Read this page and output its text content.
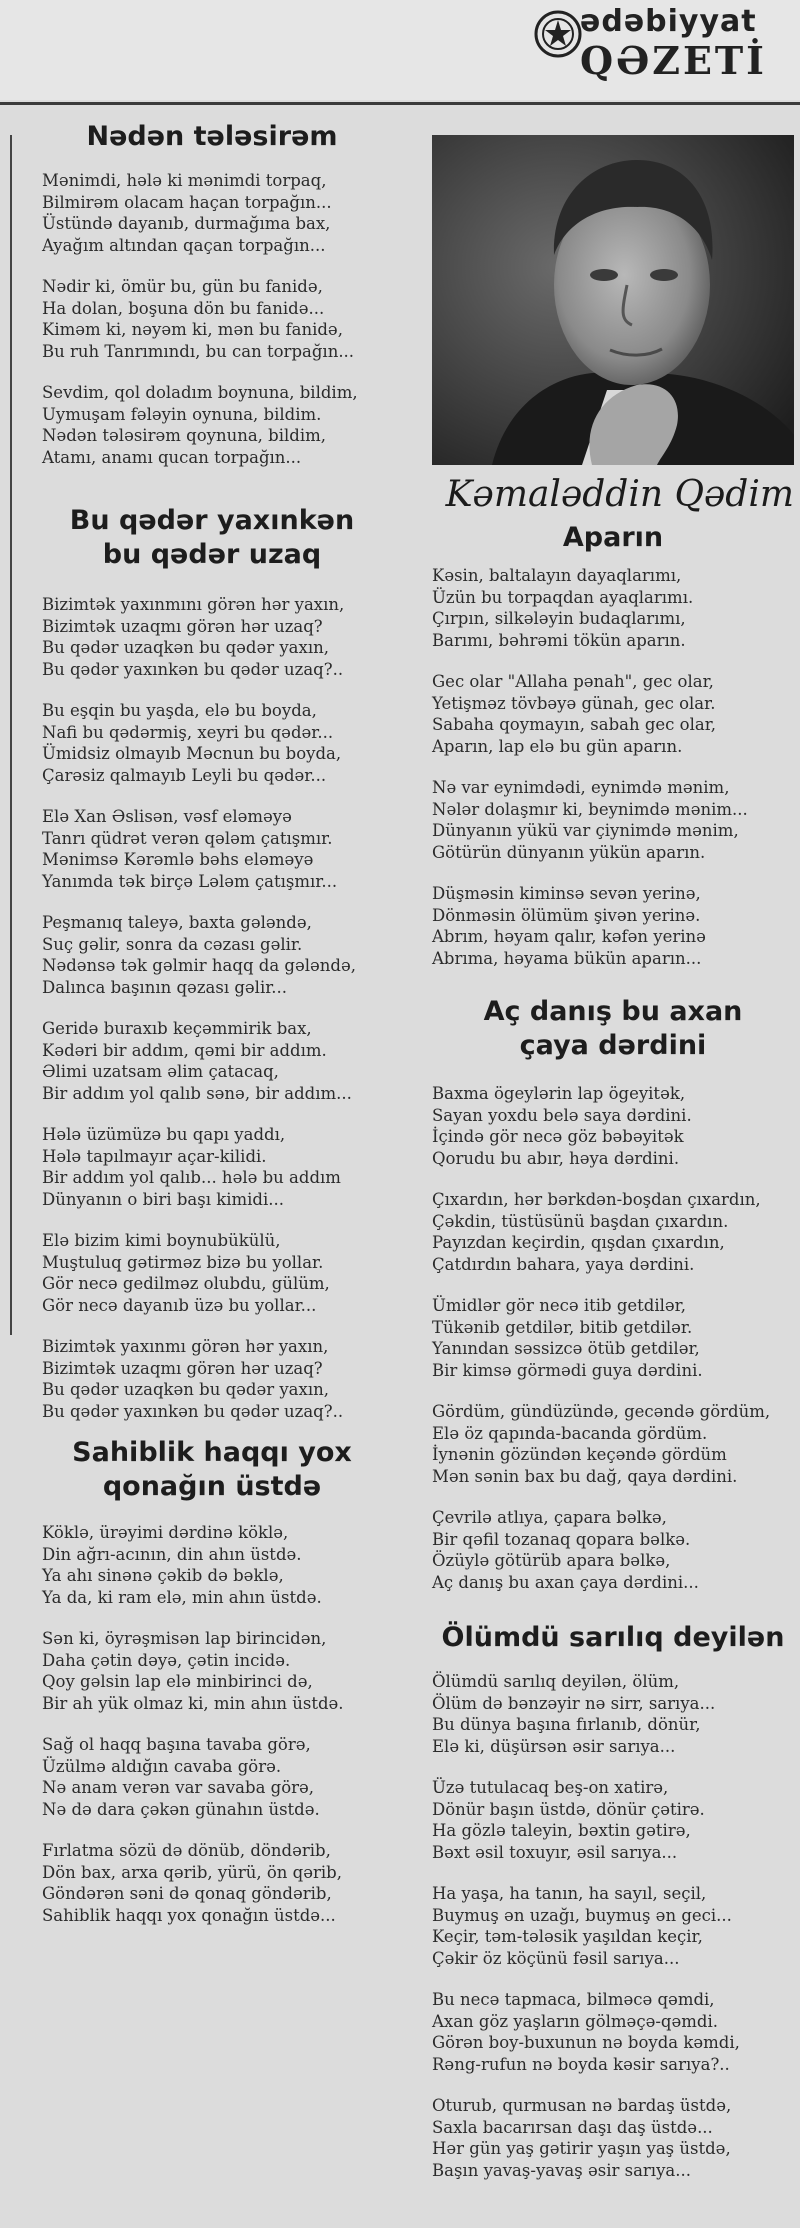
ədəbiyyat
QƏZETİ
Nədən tələsirəm
Mənimdi, hələ ki mənimdi torpaq,
Bilmirəm olacam haçan torpağın...
Üstündə dayanıb, durmağıma bax,
Ayağım altından qaçan torpağın...
Nədir ki, ömür bu, gün bu fanidə,
Ha dolan, boşuna dön bu fanidə...
Kiməm ki, nəyəm ki, mən bu fanidə,
Bu ruh Tanrımındı, bu can torpağın...
Sevdim, qol doladım boynuna, bildim,
Uymuşam fələyin oynuna, bildim.
Nədən tələsirəm qoynuna, bildim,
Atamı, anamı qucan torpağın...
Bu qədər yaxınkən
bu qədər uzaq
Bizimtək yaxınmını görən hər yaxın,
Bizimtək uzaqmı görən hər uzaq?
Bu qədər uzaqkən bu qədər yaxın,
Bu qədər yaxınkən bu qədər uzaq?..
Bu eşqin bu yaşda, elə bu boyda,
Nafi bu qədərmiş, xeyri bu qədər...
Ümidsiz olmayıb Məcnun bu boyda,
Çarəsiz qalmayıb Leyli bu qədər...
Elə Xan Əslisən, vəsf eləməyə
Tanrı qüdrət verən qələm çatışmır.
Mənimsə Kərəmlə bəhs eləməyə
Yanımda tək birçə Lələm çatışmır...
Peşmanıq taleyə, baxta gələndə,
Suç gəlir, sonra da cəzası gəlir.
Nədənsə tək gəlmir haqq da gələndə,
Dalınca başının qəzası gəlir...
Geridə buraxıb keçəmmirik bax,
Kədəri bir addım, qəmi bir addım.
Əlimi uzatsam əlim çatacaq,
Bir addım yol qalıb sənə, bir addım...
Hələ üzümüzə bu qapı yaddı,
Hələ tapılmayır açar-kilidi.
Bir addım yol qalıb... hələ bu addım
Dünyanın o biri başı kimidi...
Elə bizim kimi boynubükülü,
Muştuluq gətirməz bizə bu yollar.
Gör necə gedilməz olubdu, gülüm,
Gör necə dayanıb üzə bu yollar...
Bizimtək yaxınmı görən hər yaxın,
Bizimtək uzaqmı görən hər uzaq?
Bu qədər uzaqkən bu qədər yaxın,
Bu qədər yaxınkən bu qədər uzaq?..
Sahiblik haqqı yox
qonağın üstdə
Köklə, ürəyimi dərdinə köklə,
Din ağrı-acının, din ahın üstdə.
Ya ahı sinənə çəkib də bəklə,
Ya da, ki ram elə, min ahın üstdə.
Sən ki, öyrəşmisən lap birincidən,
Daha çətin dəyə, çətin incidə.
Qoy gəlsin lap elə minbirinci də,
Bir ah yük olmaz ki, min ahın üstdə.
Sağ ol haqq başına tavaba görə,
Üzülmə aldığın cavaba görə.
Nə anam verən var savaba görə,
Nə də dara çəkən günahın üstdə.
Fırlatma sözü də dönüb, döndərib,
Dön bax, arxa qərib, yürü, ön qərib,
Göndərən səni də qonaq göndərib,
Sahiblik haqqı yox qonağın üstdə...
Kəmaləddin Qədim
Aparın
Kəsin, baltalayın dayaqlarımı,
Üzün bu torpaqdan ayaqlarımı.
Çırpın, silkələyin budaqlarımı,
Barımı, bəhrəmi tökün aparın.
Gec olar "Allaha pənah", gec olar,
Yetişməz tövbəyə günah, gec olar.
Sabaha qoymayın, sabah gec olar,
Aparın, lap elə bu gün aparın.
Nə var eynimdədi, eynimdə mənim,
Nələr dolaşmır ki, beynimdə mənim...
Dünyanın yükü var çiynimdə mənim,
Götürün dünyanın yükün aparın.
Düşməsin kiminsə sevən yerinə,
Dönməsin ölümüm şivən yerinə.
Abrım, həyam qalır, kəfən yerinə
Abrıma, həyama bükün aparın...
Aç danış bu axan
çaya dərdini
Baxma ögeylərin lap ögeyitək,
Sayan yoxdu belə saya dərdini.
İçində gör necə göz bəbəyitək
Qorudu bu abır, həya dərdini.
Çıxardın, hər bərkdən-boşdan çıxardın,
Çəkdin, tüstüsünü başdan çıxardın.
Payızdan keçirdin, qışdan çıxardın,
Çatdırdın bahara, yaya dərdini.
Ümidlər gör necə itib getdilər,
Tükənib getdilər, bitib getdilər.
Yanından səssizcə ötüb getdilər,
Bir kimsə görmədi guya dərdini.
Gördüm, gündüzündə, gecəndə gördüm,
Elə öz qapında-bacanda gördüm.
İynənin gözündən keçəndə gördüm
Mən sənin bax bu dağ, qaya dərdini.
Çevrilə atlıya, çapara bəlkə,
Bir qəfil tozanaq qopara bəlkə.
Özüylə götürüb apara bəlkə,
Aç danış bu axan çaya dərdini...
Ölümdü sarılıq deyilən
Ölümdü sarılıq deyilən, ölüm,
Ölüm də bənzəyir nə sirr, sarıya...
Bu dünya başına fırlanıb, dönür,
Elə ki, düşürsən əsir sarıya...
Üzə tutulacaq beş-on xatirə,
Dönür başın üstdə, dönür çətirə.
Ha gözlə taleyin, bəxtin gətirə,
Bəxt əsil toxuyır, əsil sarıya...
Ha yaşa, ha tanın, ha sayıl, seçil,
Buymuş ən uzağı, buymuş ən geci...
Keçir, təm-tələsik yaşıldan keçir,
Çəkir öz köçünü fəsil sarıya...
Bu necə tapmaca, bilməcə qəmdi,
Axan göz yaşların gölməçə-qəmdi.
Görən boy-buxunun nə boyda kəmdi,
Rəng-rufun nə boyda kəsir sarıya?..
Oturub, qurmusan nə bardaş üstdə,
Saxla bacarırsan daşı daş üstdə...
Hər gün yaş gətirir yaşın yaş üstdə,
Başın yavaş-yavaş əsir sarıya...
